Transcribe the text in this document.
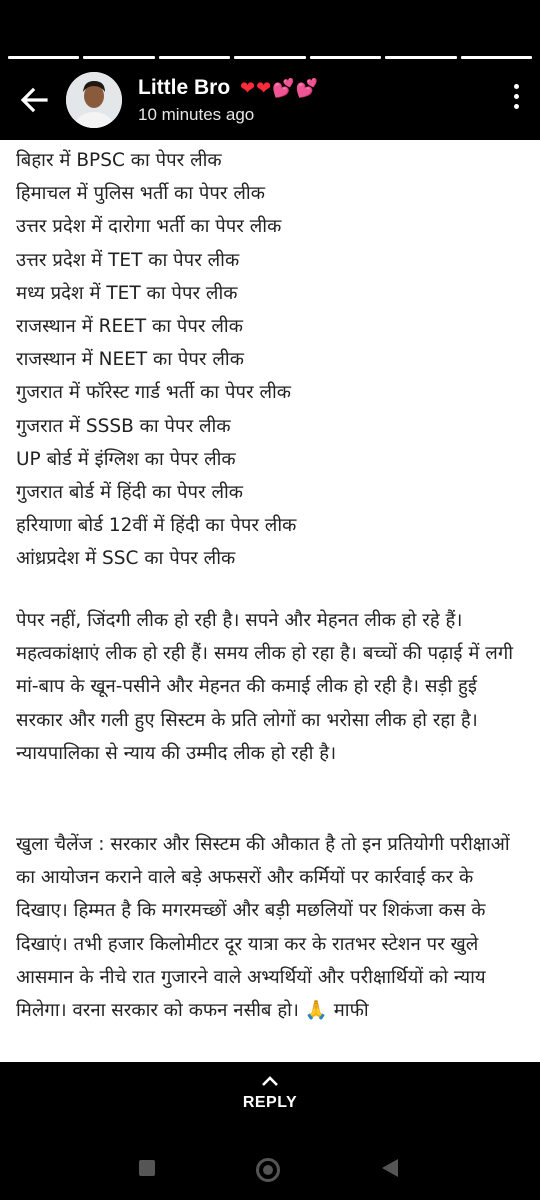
Little Bro ❤❤💕💕
10 minutes ago
बिहार में BPSC का पेपर लीक
हिमाचल में पुलिस भर्ती का पेपर लीक
उत्तर प्रदेश में दारोगा भर्ती का पेपर लीक
उत्तर प्रदेश में TET का पेपर लीक
मध्य प्रदेश में TET का पेपर लीक
राजस्थान में REET का पेपर लीक
राजस्थान में NEET का पेपर लीक
गुजरात में फॉरेस्ट गार्ड भर्ती का पेपर लीक
गुजरात में SSSB का पेपर लीक
UP बोर्ड में इंग्लिश का पेपर लीक
गुजरात बोर्ड में हिंदी का पेपर लीक
हरियाणा बोर्ड 12वीं में हिंदी का पेपर लीक
आंध्रप्रदेश में SSC का पेपर लीक
पेपर नहीं, जिंदगी लीक हो रही है। सपने और मेहनत लीक हो रहे हैं। महत्वकांक्षाएं लीक हो रही हैं। समय लीक हो रहा है। बच्चों की पढ़ाई में लगी मां-बाप के खून-पसीने और मेहनत की कमाई लीक हो रही है। सड़ी हुई सरकार और गली हुए सिस्टम के प्रति लोगों का भरोसा लीक हो रहा है। न्यायपालिका से न्याय की उम्मीद लीक हो रही है।
खुला चैलेंज : सरकार और सिस्टम की औकात है तो इन प्रतियोगी परीक्षाओं का आयोजन कराने वाले बड़े अफसरों और कर्मियों पर कार्रवाई कर के दिखाए। हिम्मत है कि मगरमच्छों और बड़ी मछलियों पर शिकंजा कस के दिखाएं। तभी हजार किलोमीटर दूर यात्रा कर के रातभर स्टेशन पर खुले आसमान के नीचे रात गुजारने वाले अभ्यर्थियों और परीक्षार्थियों को न्याय मिलेगा। वरना सरकार को कफन नसीब हो। 🙏 माफी
REPLY
